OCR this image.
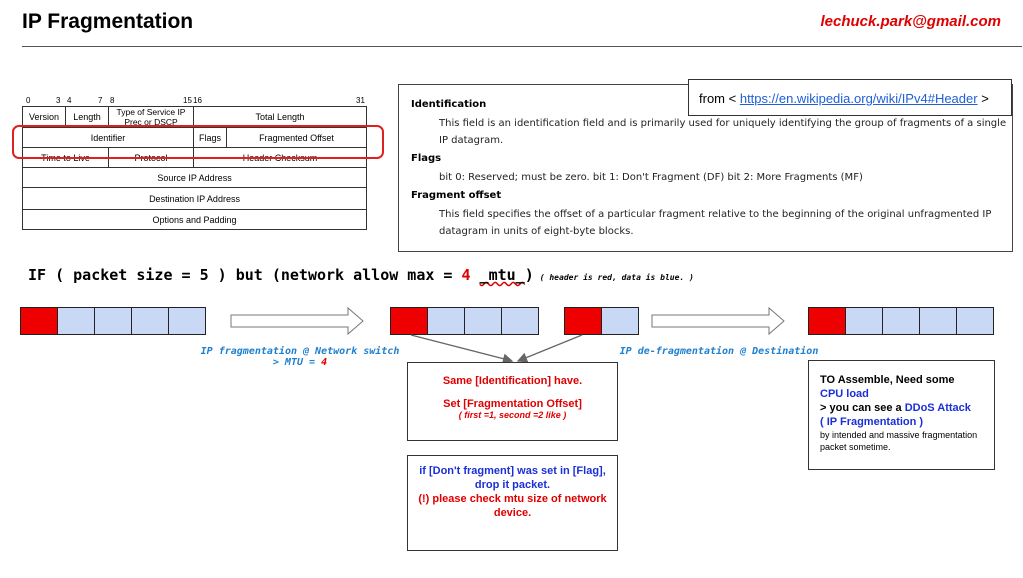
IP Fragmentation	lechuck.park@gmail.com
0	3 4	7 8	15 16	31
Version	Length	Type of Service IP Prec or DSCP	Total Length	
Identifier			Flags	Fragmented Offset
Time to Live		Protocol	Header Checksum	
Source IP Address				
Destination IP Address				
Options and Padding				
Identification
This field is an identification field and is primarily used for uniquely identifying the group of fragments of a single IP datagram.
Flags
bit 0: Reserved; must be zero. bit 1: Don't Fragment (DF) bit 2: More Fragments (MF)
Fragment offset
This field specifies the offset of a particular fragment relative to the beginning of the original unfragmented IP datagram in units of eight-byte blocks.
from < https://en.wikipedia.org/wiki/IPv4#Header >
IF ( packet size = 5 ) but (network allow max = 4 _mtu_) ( header is red, data is blue. )
IP fragmentation @ Network switch
> MTU = 4
IP de-fragmentation @ Destination
Same [Identification] have.
Set [Fragmentation Offset]
( first =1, second =2 like )
if [Don't fragment] was set in [Flag],
drop it packet.
(!) please check mtu size of network device.
TO Assemble, Need some
CPU load
> you can see a DDoS Attack
( IP Fragmentation )
by intended and massive fragmentation packet sometime.
